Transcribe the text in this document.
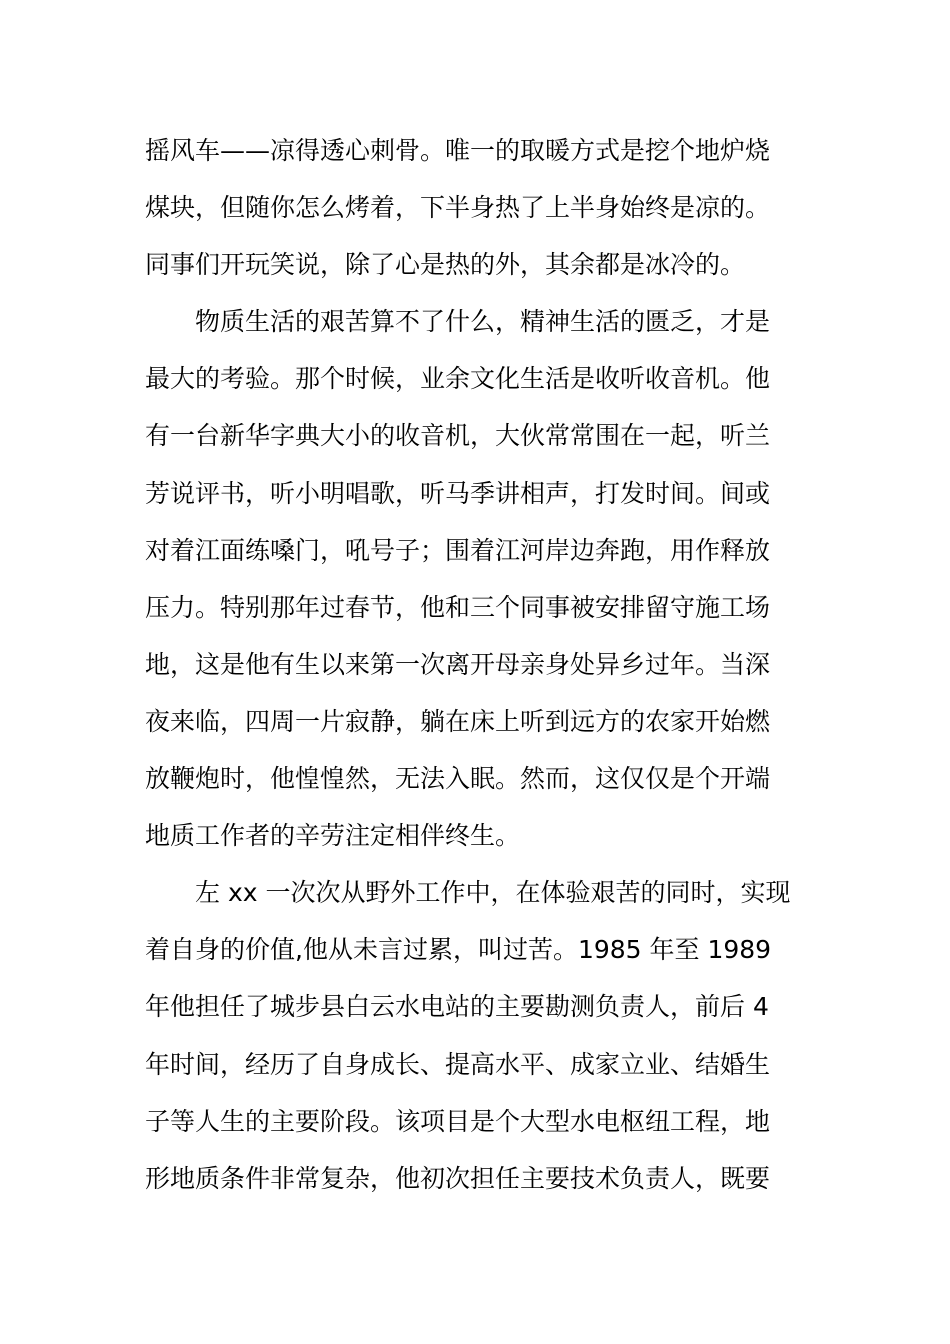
摇风车——凉得透心刺骨。唯一的取暖方式是挖个地炉烧
煤块，但随你怎么烤着，下半身热了上半身始终是凉的。
同事们开玩笑说，除了心是热的外，其余都是冰冷的。
　　物质生活的艰苦算不了什么，精神生活的匮乏，才是
最大的考验。那个时候，业余文化生活是收听收音机。他
有一台新华字典大小的收音机，大伙常常围在一起，听兰
芳说评书，听小明唱歌，听马季讲相声，打发时间。间或
对着江面练嗓门，吼号子；围着江河岸边奔跑，用作释放
压力。特别那年过春节，他和三个同事被安排留守施工场
地，这是他有生以来第一次离开母亲身处异乡过年。当深
夜来临，四周一片寂静，躺在床上听到远方的农家开始燃
放鞭炮时，他惶惶然，无法入眠。然而，这仅仅是个开端
地质工作者的辛劳注定相伴终生。
　　左 xx 一次次从野外工作中，在体验艰苦的同时，实现
着自身的价值,他从未言过累，叫过苦。1985 年至 1989
年他担任了城步县白云水电站的主要勘测负责人，前后 4
年时间，经历了自身成长、提高水平、成家立业、结婚生
子等人生的主要阶段。该项目是个大型水电枢纽工程，地
形地质条件非常复杂，他初次担任主要技术负责人，既要
